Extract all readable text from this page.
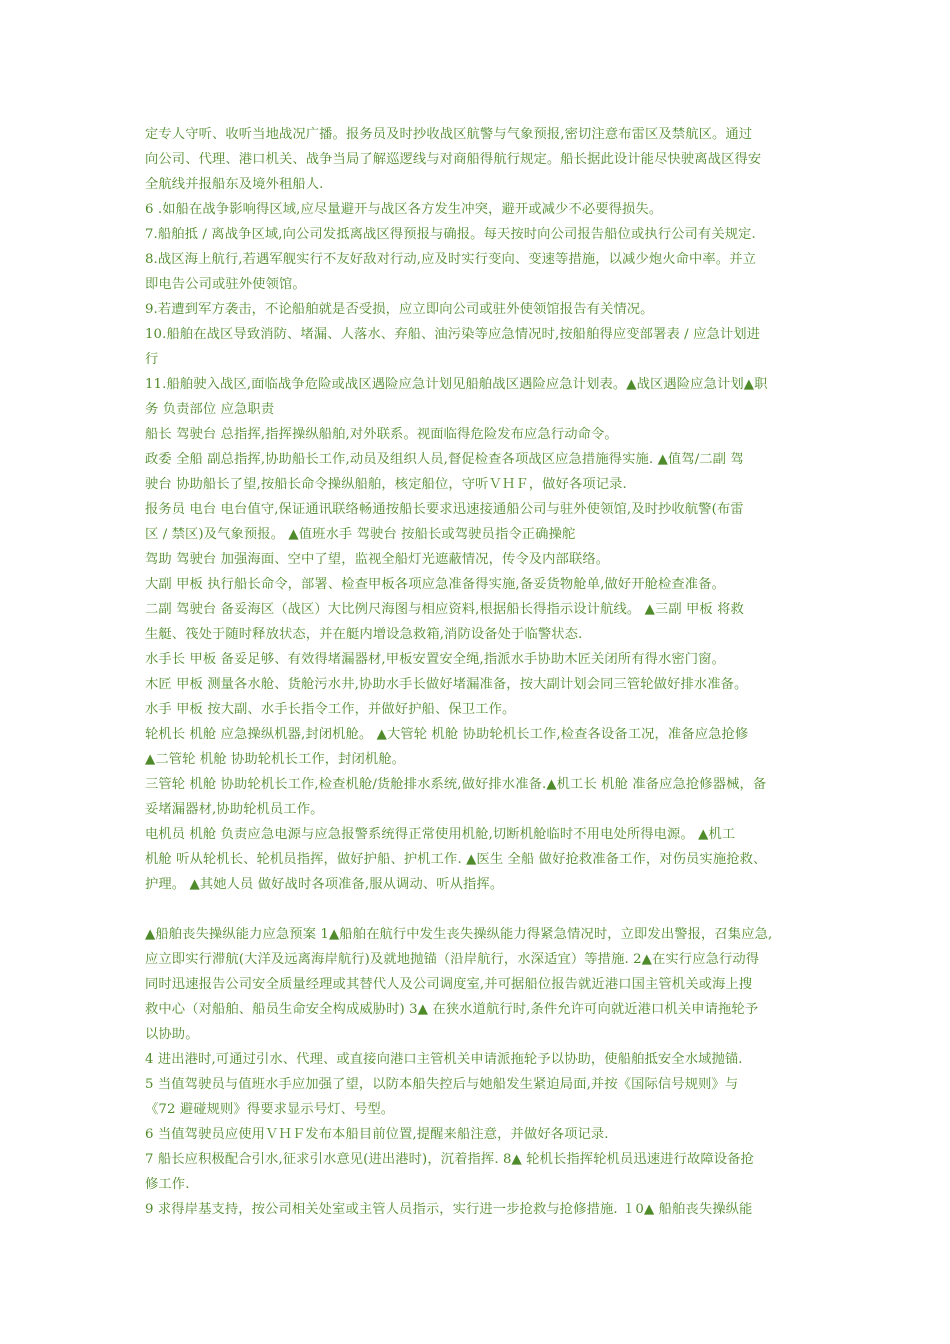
定专人守听、收听当地战况广播。报务员及时抄收战区航警与气象预报,密切注意布雷区及禁航区。通过

向公司、代理、港口机关、战争当局了解巡逻线与对商船得航行规定。船长据此设计能尽快驶离战区得安

全航线并报船东及境外租船人.

6 .如船在战争影响得区域,应尽量避开与战区各方发生冲突，避开或减少不必要得损失。

7.船舶抵 / 离战争区域,向公司发抵离战区得预报与确报。每天按时向公司报告船位或执行公司有关规定.

8.战区海上航行,若遇军舰实行不友好敌对行动,应及时实行变向、变速等措施，以减少炮火命中率。并立

即电告公司或驻外使领馆。

9.若遭到军方袭击，不论船舶就是否受损，应立即向公司或驻外使领馆报告有关情况。

10.船舶在战区导致消防、堵漏、人落水、弃船、油污染等应急情况时,按船舶得应变部署表 / 应急计划进

行

11.船舶驶入战区,面临战争危险或战区遇险应急计划见船舶战区遇险应急计划表。▲战区遇险应急计划▲职

务 负责部位 应急职责

船长 驾驶台 总指挥,指挥操纵船舶,对外联系。视面临得危险发布应急行动命令。

政委 全船 副总指挥,协助船长工作,动员及组织人员,督促检查各项战区应急措施得实施. ▲值驾/二副 驾

驶台 协助船长了望,按船长命令操纵船舶，核定船位，守听ＶＨＦ，做好各项记录.

报务员 电台 电台值守,保证通讯联络畅通按船长要求迅速接通船公司与驻外使领馆,及时抄收航警(布雷

区 / 禁区)及气象预报。 ▲值班水手 驾驶台 按船长或驾驶员指令正确操舵

驾助 驾驶台 加强海面、空中了望，监视全船灯光遮蔽情况，传令及内部联络。

大副 甲板 执行船长命令，部署、检查甲板各项应急准备得实施,备妥货物舱单,做好开舱检查准备。

二副 驾驶台 备妥海区（战区）大比例尺海图与相应资料,根据船长得指示设计航线。 ▲三副 甲板 将救

生艇、筏处于随时释放状态，并在艇内增设急救箱,消防设备处于临警状态.

水手长 甲板 备妥足够、有效得堵漏器材,甲板安置安全绳,指派水手协助木匠关闭所有得水密门窗。

木匠 甲板 测量各水舱、货舱污水井,协助水手长做好堵漏准备，按大副计划会同三管轮做好排水准备。

水手 甲板 按大副、水手长指令工作，并做好护船、保卫工作。

轮机长 机舱 应急操纵机器,封闭机舱。 ▲大管轮 机舱 协助轮机长工作,检查各设备工况，准备应急抢修

▲二管轮 机舱 协助轮机长工作，封闭机舱。

三管轮 机舱 协助轮机长工作,检查机舱/货舱排水系统,做好排水准备.▲机工长 机舱 准备应急抢修器械，备

妥堵漏器材,协助轮机员工作。

电机员 机舱 负责应急电源与应急报警系统得正常使用机舱,切断机舱临时不用电处所得电源。 ▲机工

机舱 听从轮机长、轮机员指挥，做好护船、护机工作. ▲医生 全船 做好抢救准备工作，对伤员实施抢救、

护理。 ▲其她人员 做好战时各项准备,服从调动、听从指挥。

▲船舶丧失操纵能力应急预案 1▲船舶在航行中发生丧失操纵能力得紧急情况时，立即发出警报，召集应急,

应立即实行滞航(大洋及远离海岸航行)及就地抛锚（沿岸航行，水深适宜）等措施. 2▲在实行应急行动得

同时迅速报告公司安全质量经理或其替代人及公司调度室,并可据船位报告就近港口国主管机关或海上搜

救中心（对船舶、船员生命安全构成威胁时) 3▲ 在狭水道航行时,条件允许可向就近港口机关申请拖轮予

以协助。

4 进出港时,可通过引水、代理、或直接向港口主管机关申请派拖轮予以协助，使船舶抵安全水域抛锚.

5 当值驾驶员与值班水手应加强了望，以防本船失控后与她船发生紧迫局面,并按《国际信号规则》与

《72 避碰规则》得要求显示号灯、号型。

6 当值驾驶员应使用ＶＨＦ发布本船目前位置,提醒来船注意，并做好各项记录.

7 船长应积极配合引水,征求引水意见(进出港时)，沉着指挥. 8▲ 轮机长指挥轮机员迅速进行故障设备抢

修工作.

9 求得岸基支持，按公司相关处室或主管人员指示，实行进一步抢救与抢修措施. １0▲ 船舶丧失操纵能
